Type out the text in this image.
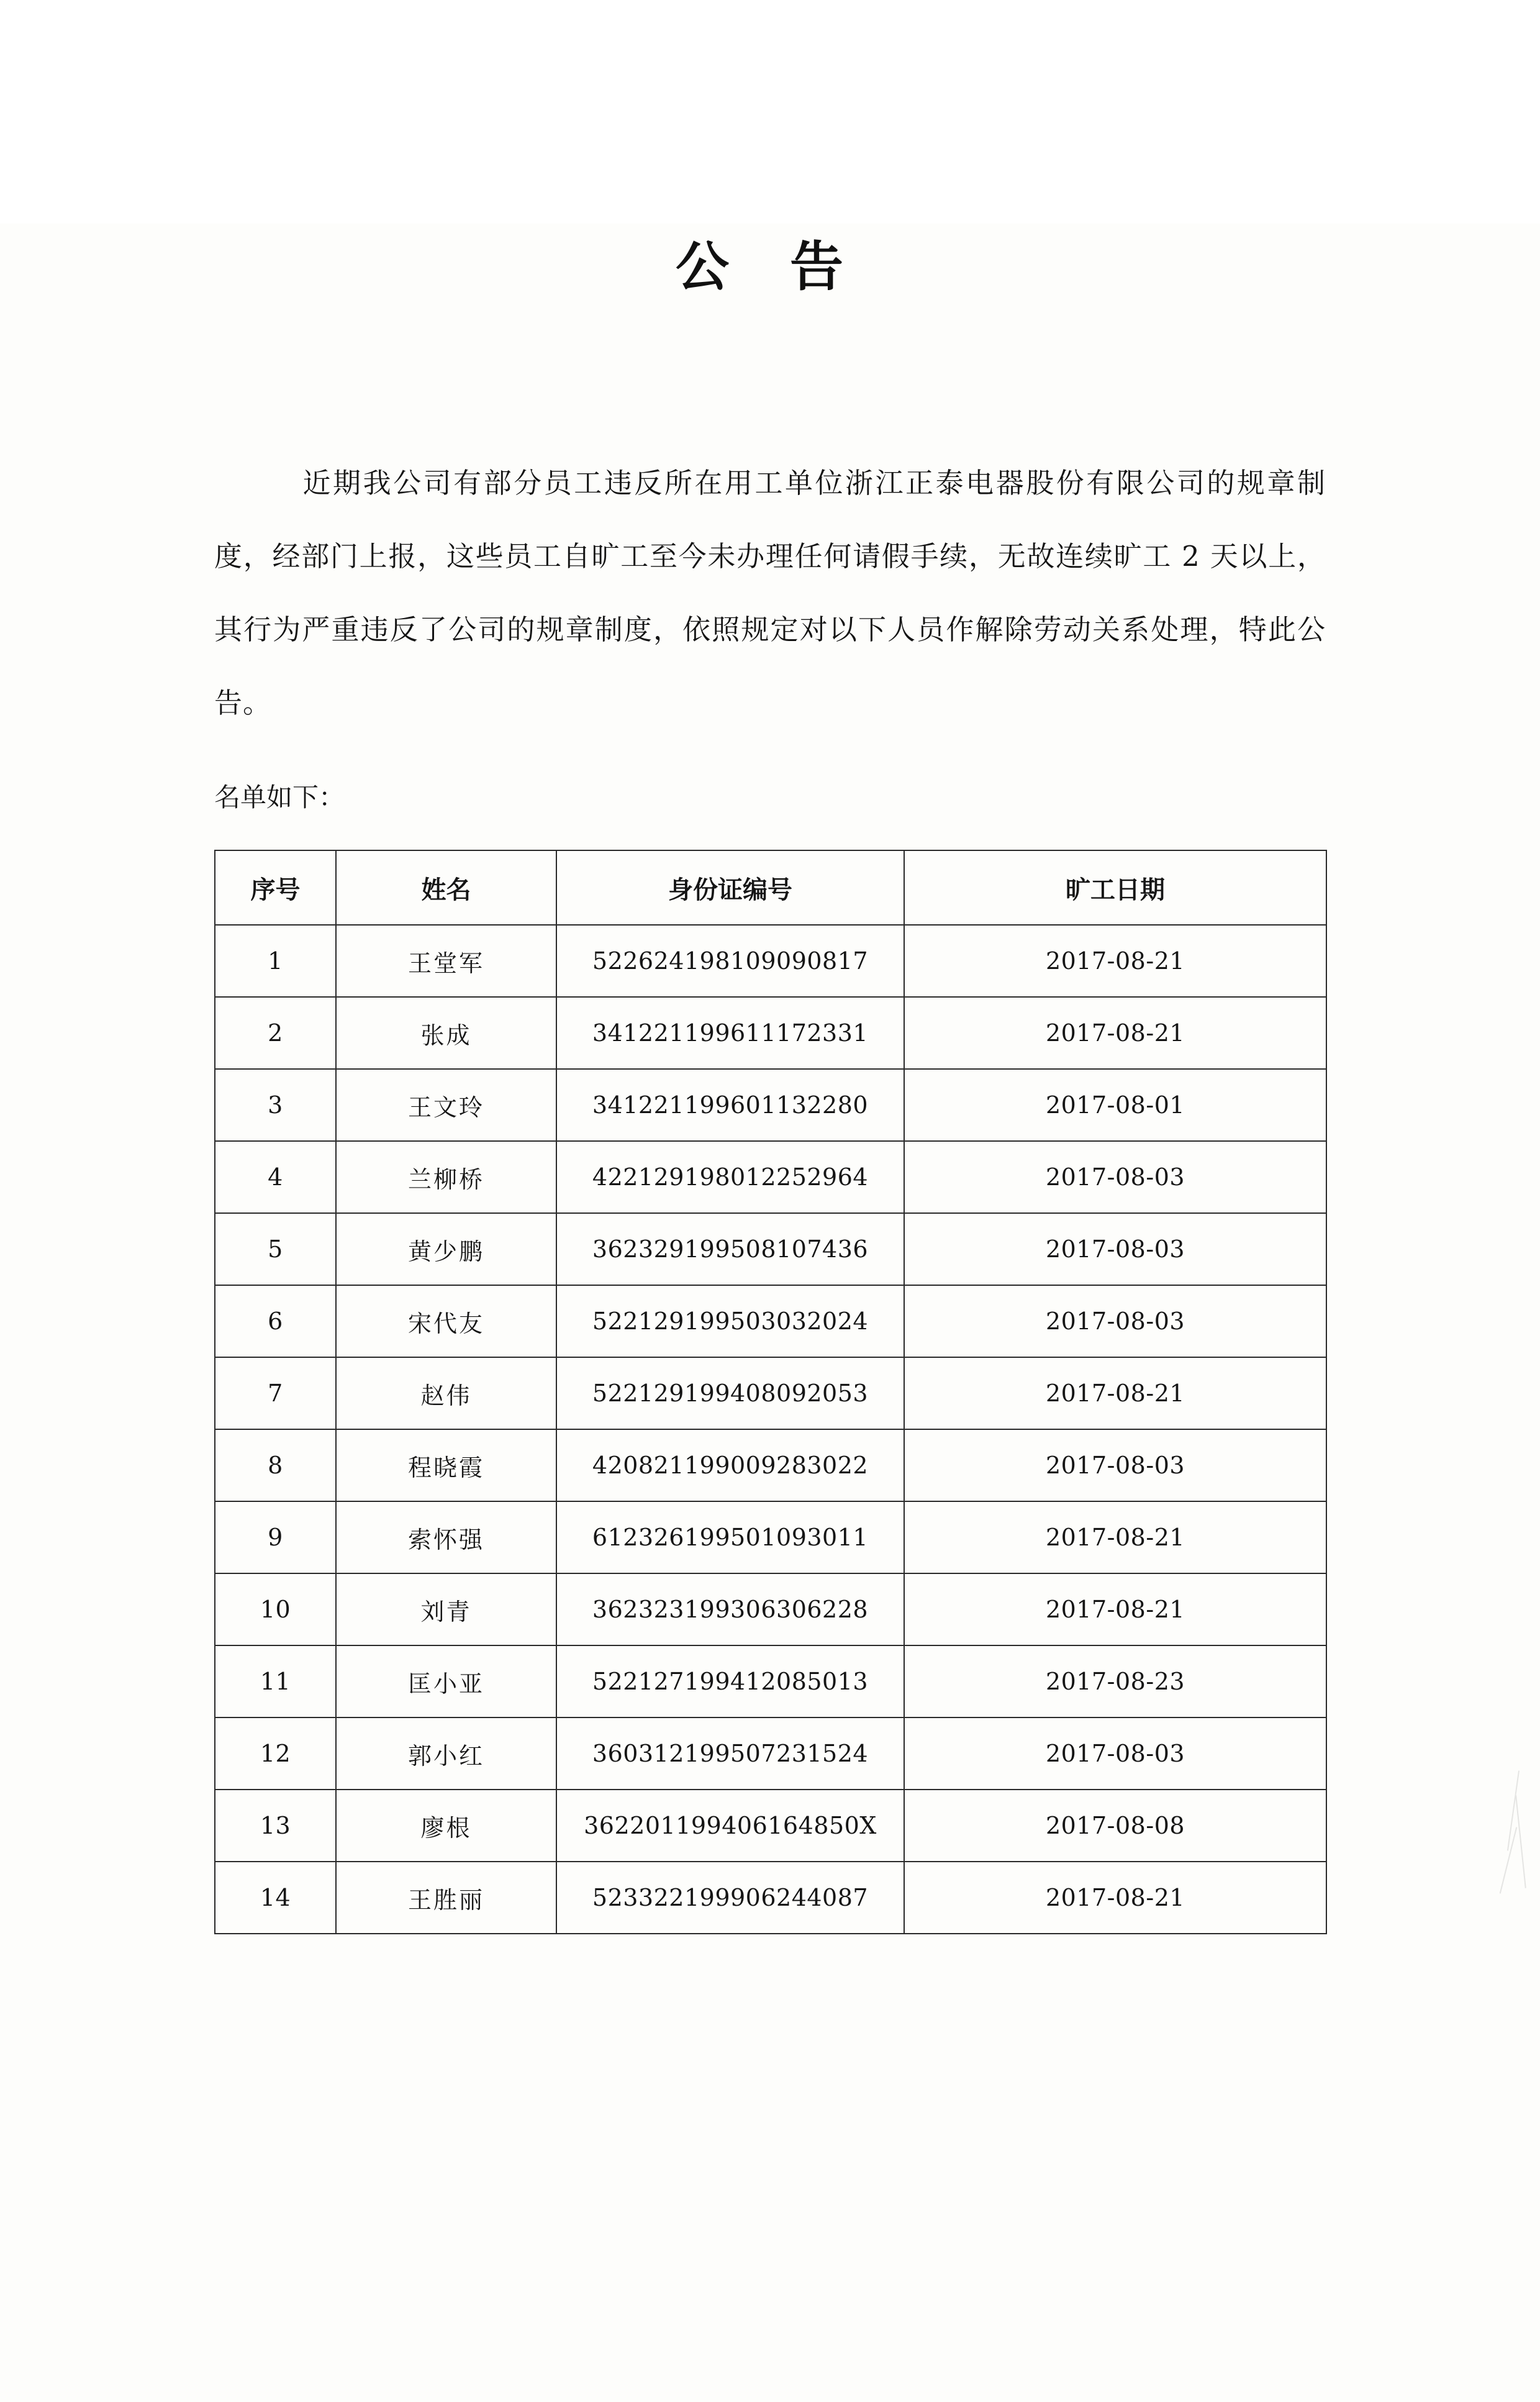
公 告

近期我公司有部分员工违反所在用工单位浙江正泰电器股份有限公司的规章制度，经部门上报，这些员工自旷工至今未办理任何请假手续，无故连续旷工 2 天以上，其行为严重违反了公司的规章制度，依照规定对以下人员作解除劳动关系处理，特此公告。

名单如下：
序号	姓名	身份证编号	旷工日期
1	王堂军	522624198109090817	2017-08-21
2	张成	341221199611172331	2017-08-21
3	王文玲	341221199601132280	2017-08-01
4	兰柳桥	422129198012252964	2017-08-03
5	黄少鹏	362329199508107436	2017-08-03
6	宋代友	522129199503032024	2017-08-03
7	赵伟	522129199408092053	2017-08-21
8	程晓霞	420821199009283022	2017-08-03
9	索怀强	612326199501093011	2017-08-21
10	刘青	362323199306306228	2017-08-21
11	匡小亚	522127199412085013	2017-08-23
12	郭小红	360312199507231524	2017-08-03
13	廖根	362201199406164850X	2017-08-08
14	王胜丽	523322199906244087	2017-08-21
